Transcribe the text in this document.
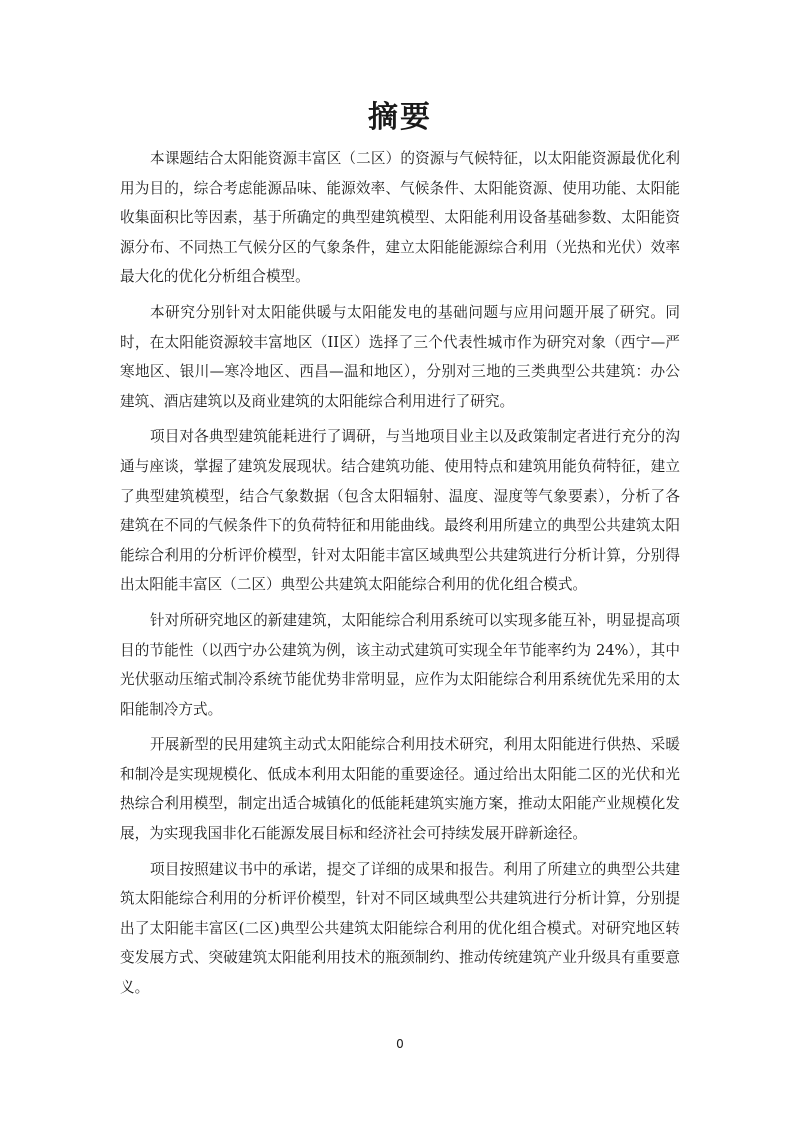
摘要

本课题结合太阳能资源丰富区（二区）的资源与气候特征，以太阳能资源最优化利用为目的，综合考虑能源品味、能源效率、气候条件、太阳能资源、使用功能、太阳能收集面积比等因素，基于所确定的典型建筑模型、太阳能利用设备基础参数、太阳能资源分布、不同热工气候分区的气象条件，建立太阳能能源综合利用（光热和光伏）效率最大化的优化分析组合模型。

本研究分别针对太阳能供暖与太阳能发电的基础问题与应用问题开展了研究。同时，在太阳能资源较丰富地区（II区）选择了三个代表性城市作为研究对象（西宁—严寒地区、银川—寒冷地区、西昌—温和地区），分别对三地的三类典型公共建筑：办公建筑、酒店建筑以及商业建筑的太阳能综合利用进行了研究。

项目对各典型建筑能耗进行了调研，与当地项目业主以及政策制定者进行充分的沟通与座谈，掌握了建筑发展现状。结合建筑功能、使用特点和建筑用能负荷特征，建立了典型建筑模型，结合气象数据（包含太阳辐射、温度、湿度等气象要素），分析了各建筑在不同的气候条件下的负荷特征和用能曲线。最终利用所建立的典型公共建筑太阳能综合利用的分析评价模型，针对太阳能丰富区域典型公共建筑进行分析计算，分别得出太阳能丰富区（二区）典型公共建筑太阳能综合利用的优化组合模式。

针对所研究地区的新建建筑，太阳能综合利用系统可以实现多能互补，明显提高项目的节能性（以西宁办公建筑为例，该主动式建筑可实现全年节能率约为 24%），其中光伏驱动压缩式制冷系统节能优势非常明显，应作为太阳能综合利用系统优先采用的太阳能制冷方式。

开展新型的民用建筑主动式太阳能综合利用技术研究，利用太阳能进行供热、采暖和制冷是实现规模化、低成本利用太阳能的重要途径。通过给出太阳能二区的光伏和光热综合利用模型，制定出适合城镇化的低能耗建筑实施方案，推动太阳能产业规模化发展，为实现我国非化石能源发展目标和经济社会可持续发展开辟新途径。

项目按照建议书中的承诺，提交了详细的成果和报告。利用了所建立的典型公共建筑太阳能综合利用的分析评价模型，针对不同区域典型公共建筑进行分析计算，分别提出了太阳能丰富区(二区)典型公共建筑太阳能综合利用的优化组合模式。对研究地区转变发展方式、突破建筑太阳能利用技术的瓶颈制约、推动传统建筑产业升级具有重要意义。

0
